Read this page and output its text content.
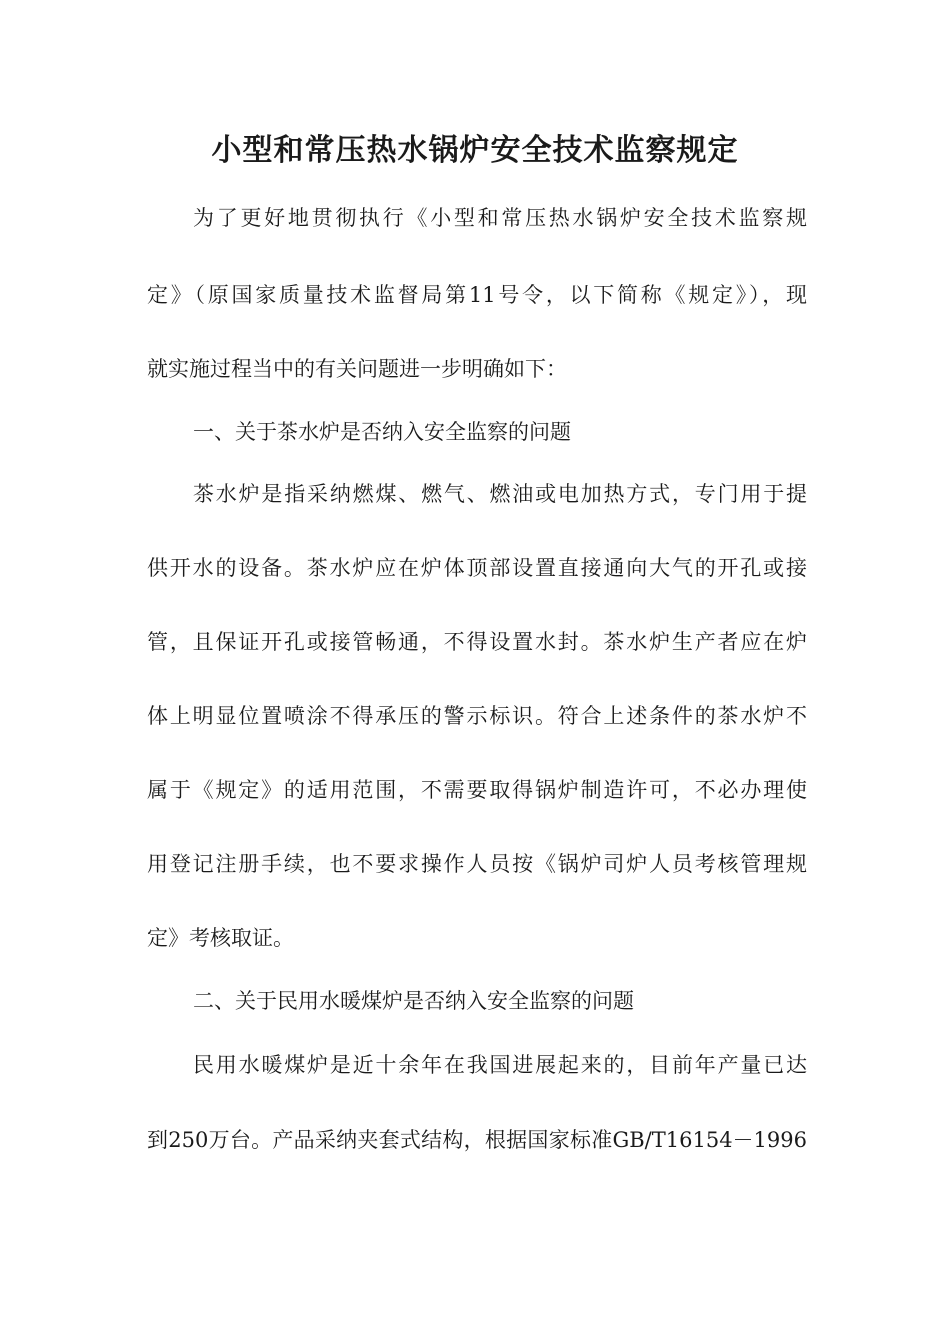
小型和常压热水锅炉安全技术监察规定
为了更好地贯彻执行《小型和常压热水锅炉安全技术监察规
定》（原国家质量技术监督局第11号令，以下简称《规定》），现
就实施过程当中的有关问题进一步明确如下：
一、关于茶水炉是否纳入安全监察的问题
茶水炉是指采纳燃煤、燃气、燃油或电加热方式，专门用于提
供开水的设备。茶水炉应在炉体顶部设置直接通向大气的开孔或接
管，且保证开孔或接管畅通，不得设置水封。茶水炉生产者应在炉
体上明显位置喷涂不得承压的警示标识。符合上述条件的茶水炉不
属于《规定》的适用范围，不需要取得锅炉制造许可，不必办理使
用登记注册手续，也不要求操作人员按《锅炉司炉人员考核管理规
定》考核取证。
二、关于民用水暖煤炉是否纳入安全监察的问题
民用水暖煤炉是近十余年在我国进展起来的，目前年产量已达
到250万台。产品采纳夹套式结构，根据国家标准GB/T16154－1996
